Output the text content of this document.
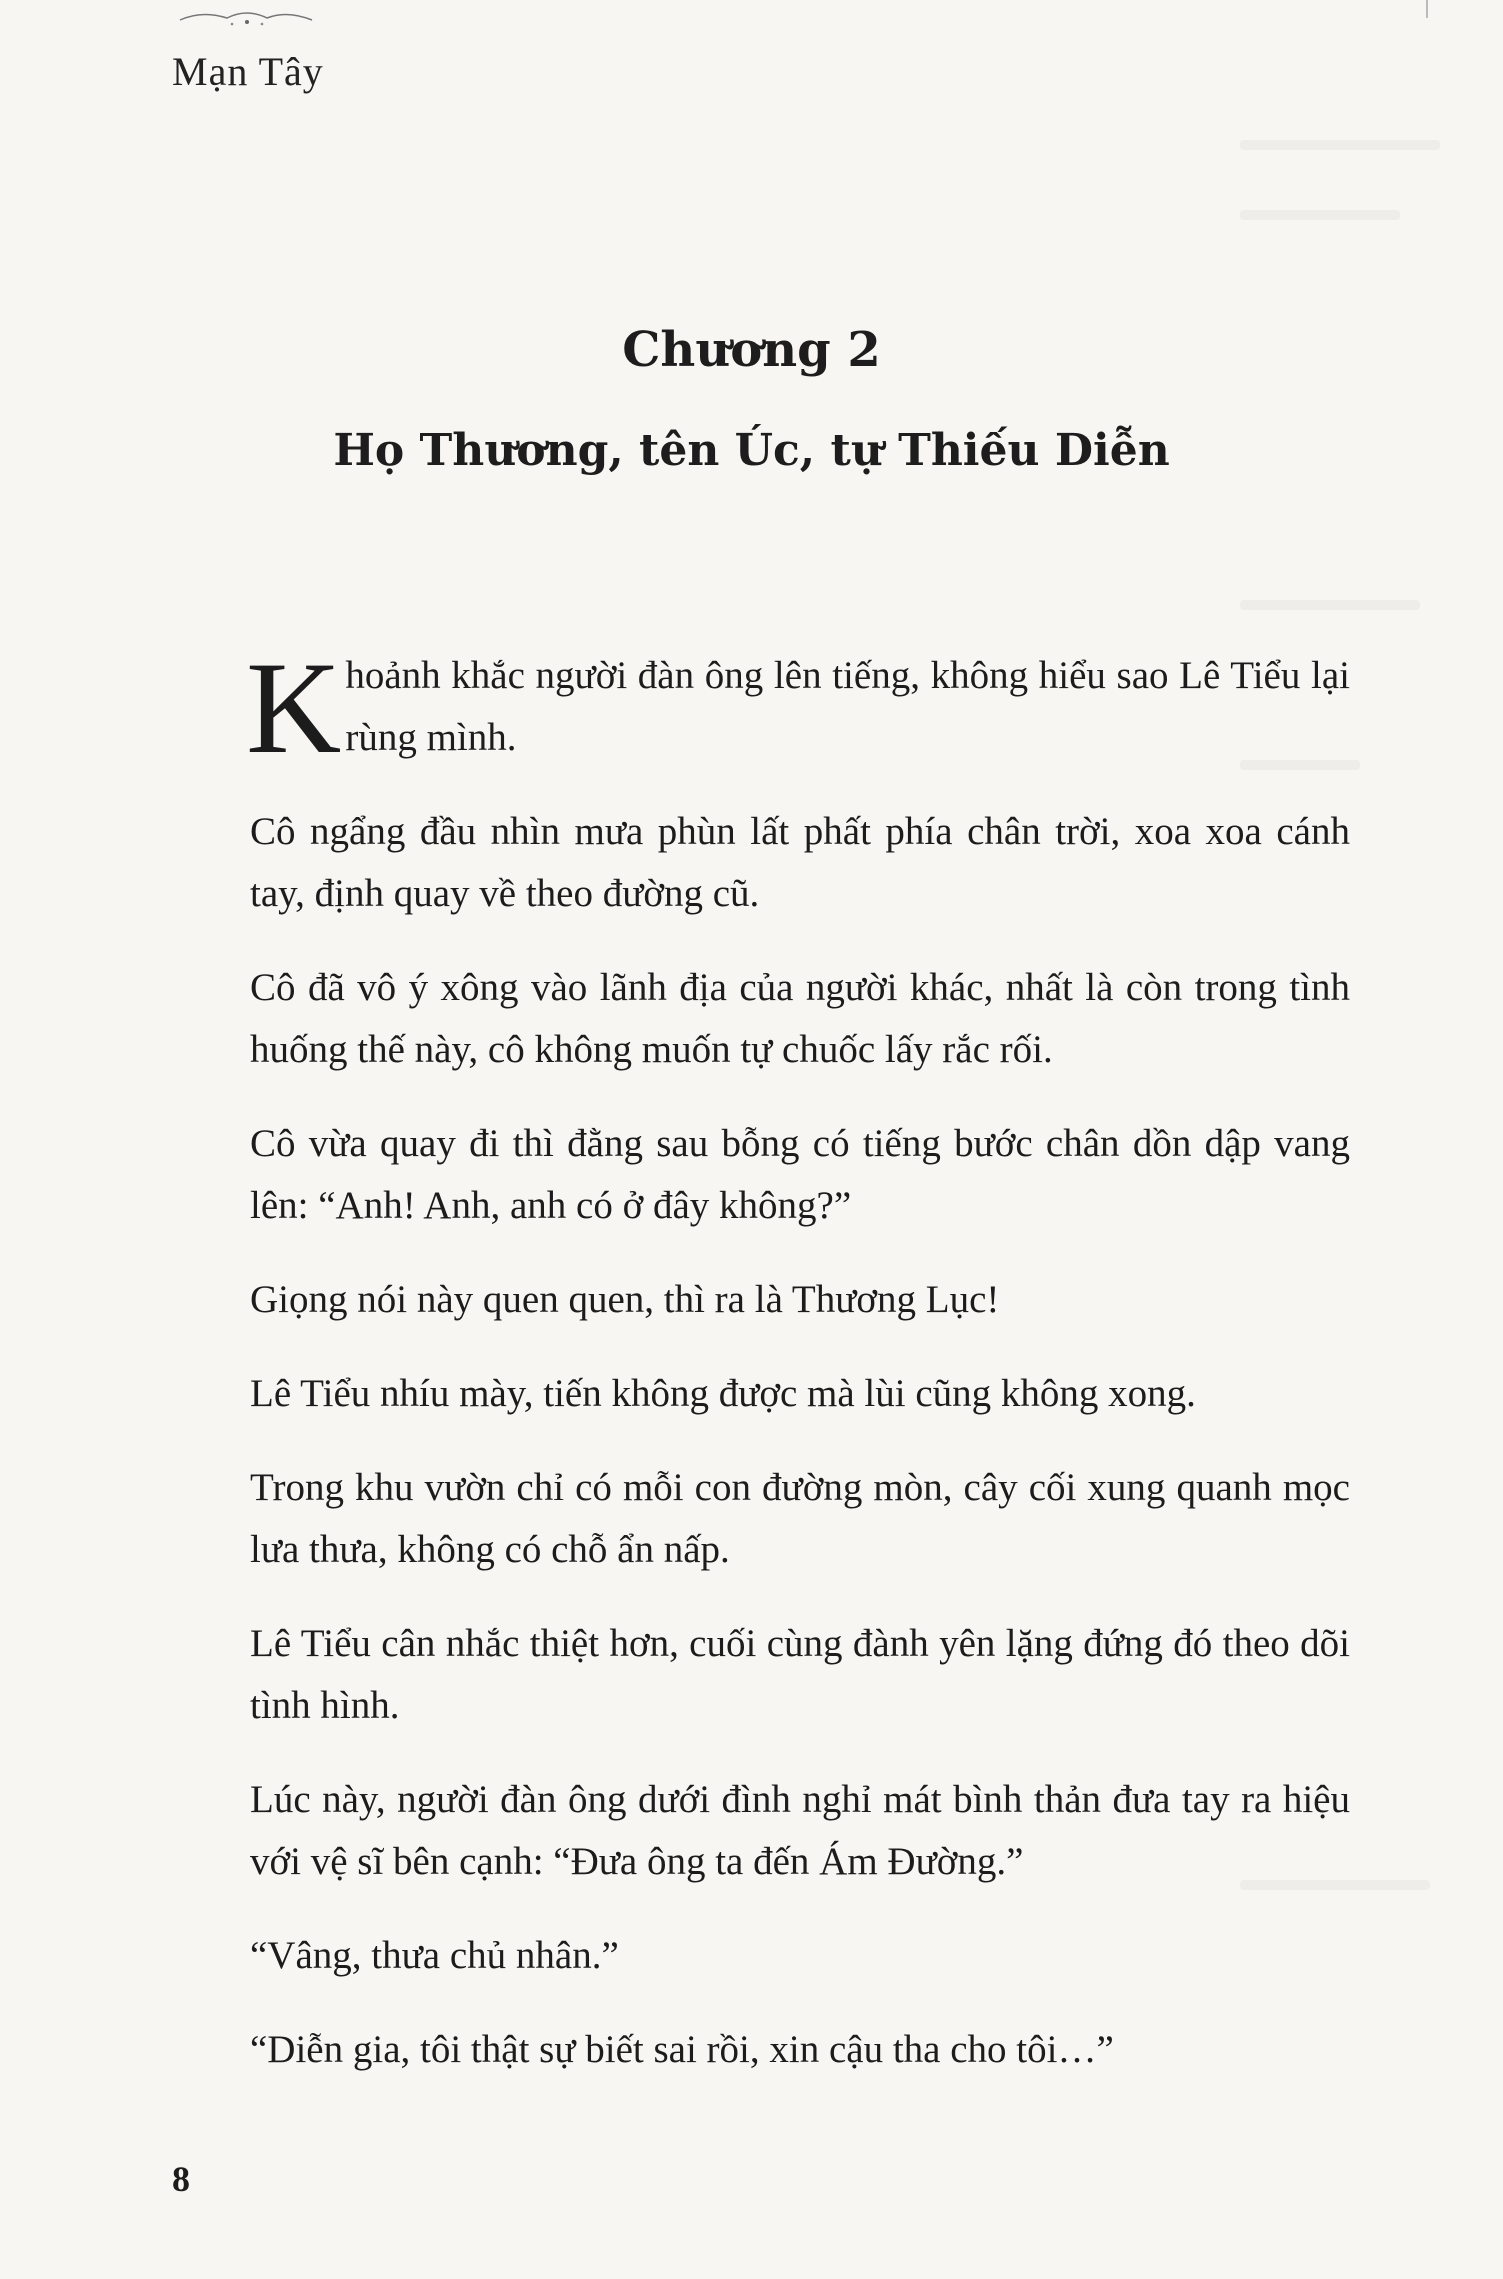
Mạn Tây
Chương 2
Họ Thương, tên Úc, tự Thiếu Diễn

Khoảnh khắc người đàn ông lên tiếng, không hiểu sao Lê Tiểu lại rùng mình.

Cô ngẩng đầu nhìn mưa phùn lất phất phía chân trời, xoa xoa cánh tay, định quay về theo đường cũ.

Cô đã vô ý xông vào lãnh địa của người khác, nhất là còn trong tình huống thế này, cô không muốn tự chuốc lấy rắc rối.

Cô vừa quay đi thì đằng sau bỗng có tiếng bước chân dồn dập vang lên: “Anh! Anh, anh có ở đây không?”

Giọng nói này quen quen, thì ra là Thương Lục!

Lê Tiểu nhíu mày, tiến không được mà lùi cũng không xong.

Trong khu vườn chỉ có mỗi con đường mòn, cây cối xung quanh mọc lưa thưa, không có chỗ ẩn nấp.

Lê Tiểu cân nhắc thiệt hơn, cuối cùng đành yên lặng đứng đó theo dõi tình hình.

Lúc này, người đàn ông dưới đình nghỉ mát bình thản đưa tay ra hiệu với vệ sĩ bên cạnh: “Đưa ông ta đến Ám Đường.”

“Vâng, thưa chủ nhân.”

“Diễn gia, tôi thật sự biết sai rồi, xin cậu tha cho tôi…”

8
